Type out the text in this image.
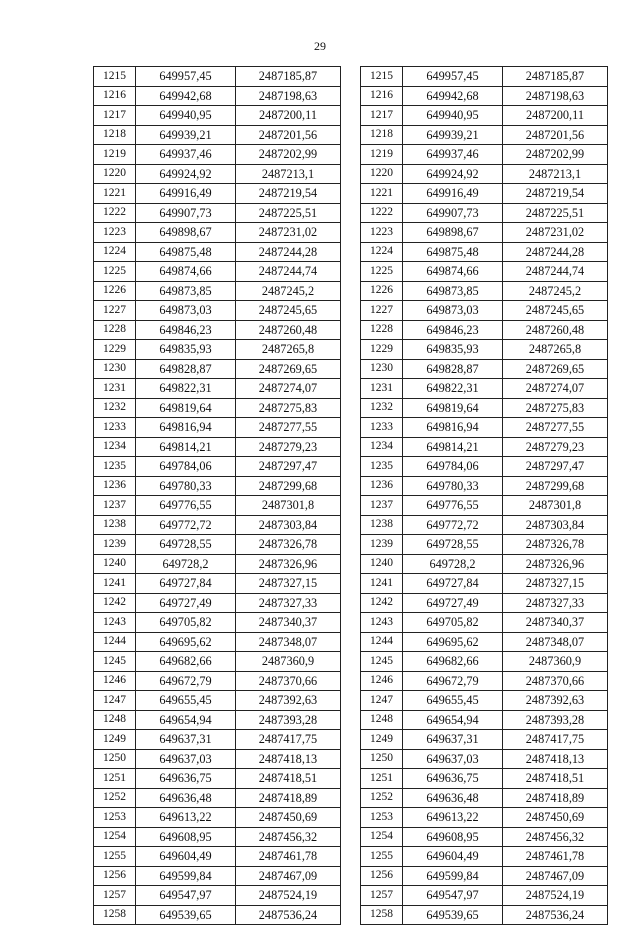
29
1215	649957,45	2487185,87
1216	649942,68	2487198,63
1217	649940,95	2487200,11
1218	649939,21	2487201,56
1219	649937,46	2487202,99
1220	649924,92	2487213,1
1221	649916,49	2487219,54
1222	649907,73	2487225,51
1223	649898,67	2487231,02
1224	649875,48	2487244,28
1225	649874,66	2487244,74
1226	649873,85	2487245,2
1227	649873,03	2487245,65
1228	649846,23	2487260,48
1229	649835,93	2487265,8
1230	649828,87	2487269,65
1231	649822,31	2487274,07
1232	649819,64	2487275,83
1233	649816,94	2487277,55
1234	649814,21	2487279,23
1235	649784,06	2487297,47
1236	649780,33	2487299,68
1237	649776,55	2487301,8
1238	649772,72	2487303,84
1239	649728,55	2487326,78
1240	649728,2	2487326,96
1241	649727,84	2487327,15
1242	649727,49	2487327,33
1243	649705,82	2487340,37
1244	649695,62	2487348,07
1245	649682,66	2487360,9
1246	649672,79	2487370,66
1247	649655,45	2487392,63
1248	649654,94	2487393,28
1249	649637,31	2487417,75
1250	649637,03	2487418,13
1251	649636,75	2487418,51
1252	649636,48	2487418,89
1253	649613,22	2487450,69
1254	649608,95	2487456,32
1255	649604,49	2487461,78
1256	649599,84	2487467,09
1257	649547,97	2487524,19
1258	649539,65	2487536,24
1215	649957,45	2487185,87
1216	649942,68	2487198,63
1217	649940,95	2487200,11
1218	649939,21	2487201,56
1219	649937,46	2487202,99
1220	649924,92	2487213,1
1221	649916,49	2487219,54
1222	649907,73	2487225,51
1223	649898,67	2487231,02
1224	649875,48	2487244,28
1225	649874,66	2487244,74
1226	649873,85	2487245,2
1227	649873,03	2487245,65
1228	649846,23	2487260,48
1229	649835,93	2487265,8
1230	649828,87	2487269,65
1231	649822,31	2487274,07
1232	649819,64	2487275,83
1233	649816,94	2487277,55
1234	649814,21	2487279,23
1235	649784,06	2487297,47
1236	649780,33	2487299,68
1237	649776,55	2487301,8
1238	649772,72	2487303,84
1239	649728,55	2487326,78
1240	649728,2	2487326,96
1241	649727,84	2487327,15
1242	649727,49	2487327,33
1243	649705,82	2487340,37
1244	649695,62	2487348,07
1245	649682,66	2487360,9
1246	649672,79	2487370,66
1247	649655,45	2487392,63
1248	649654,94	2487393,28
1249	649637,31	2487417,75
1250	649637,03	2487418,13
1251	649636,75	2487418,51
1252	649636,48	2487418,89
1253	649613,22	2487450,69
1254	649608,95	2487456,32
1255	649604,49	2487461,78
1256	649599,84	2487467,09
1257	649547,97	2487524,19
1258	649539,65	2487536,24
